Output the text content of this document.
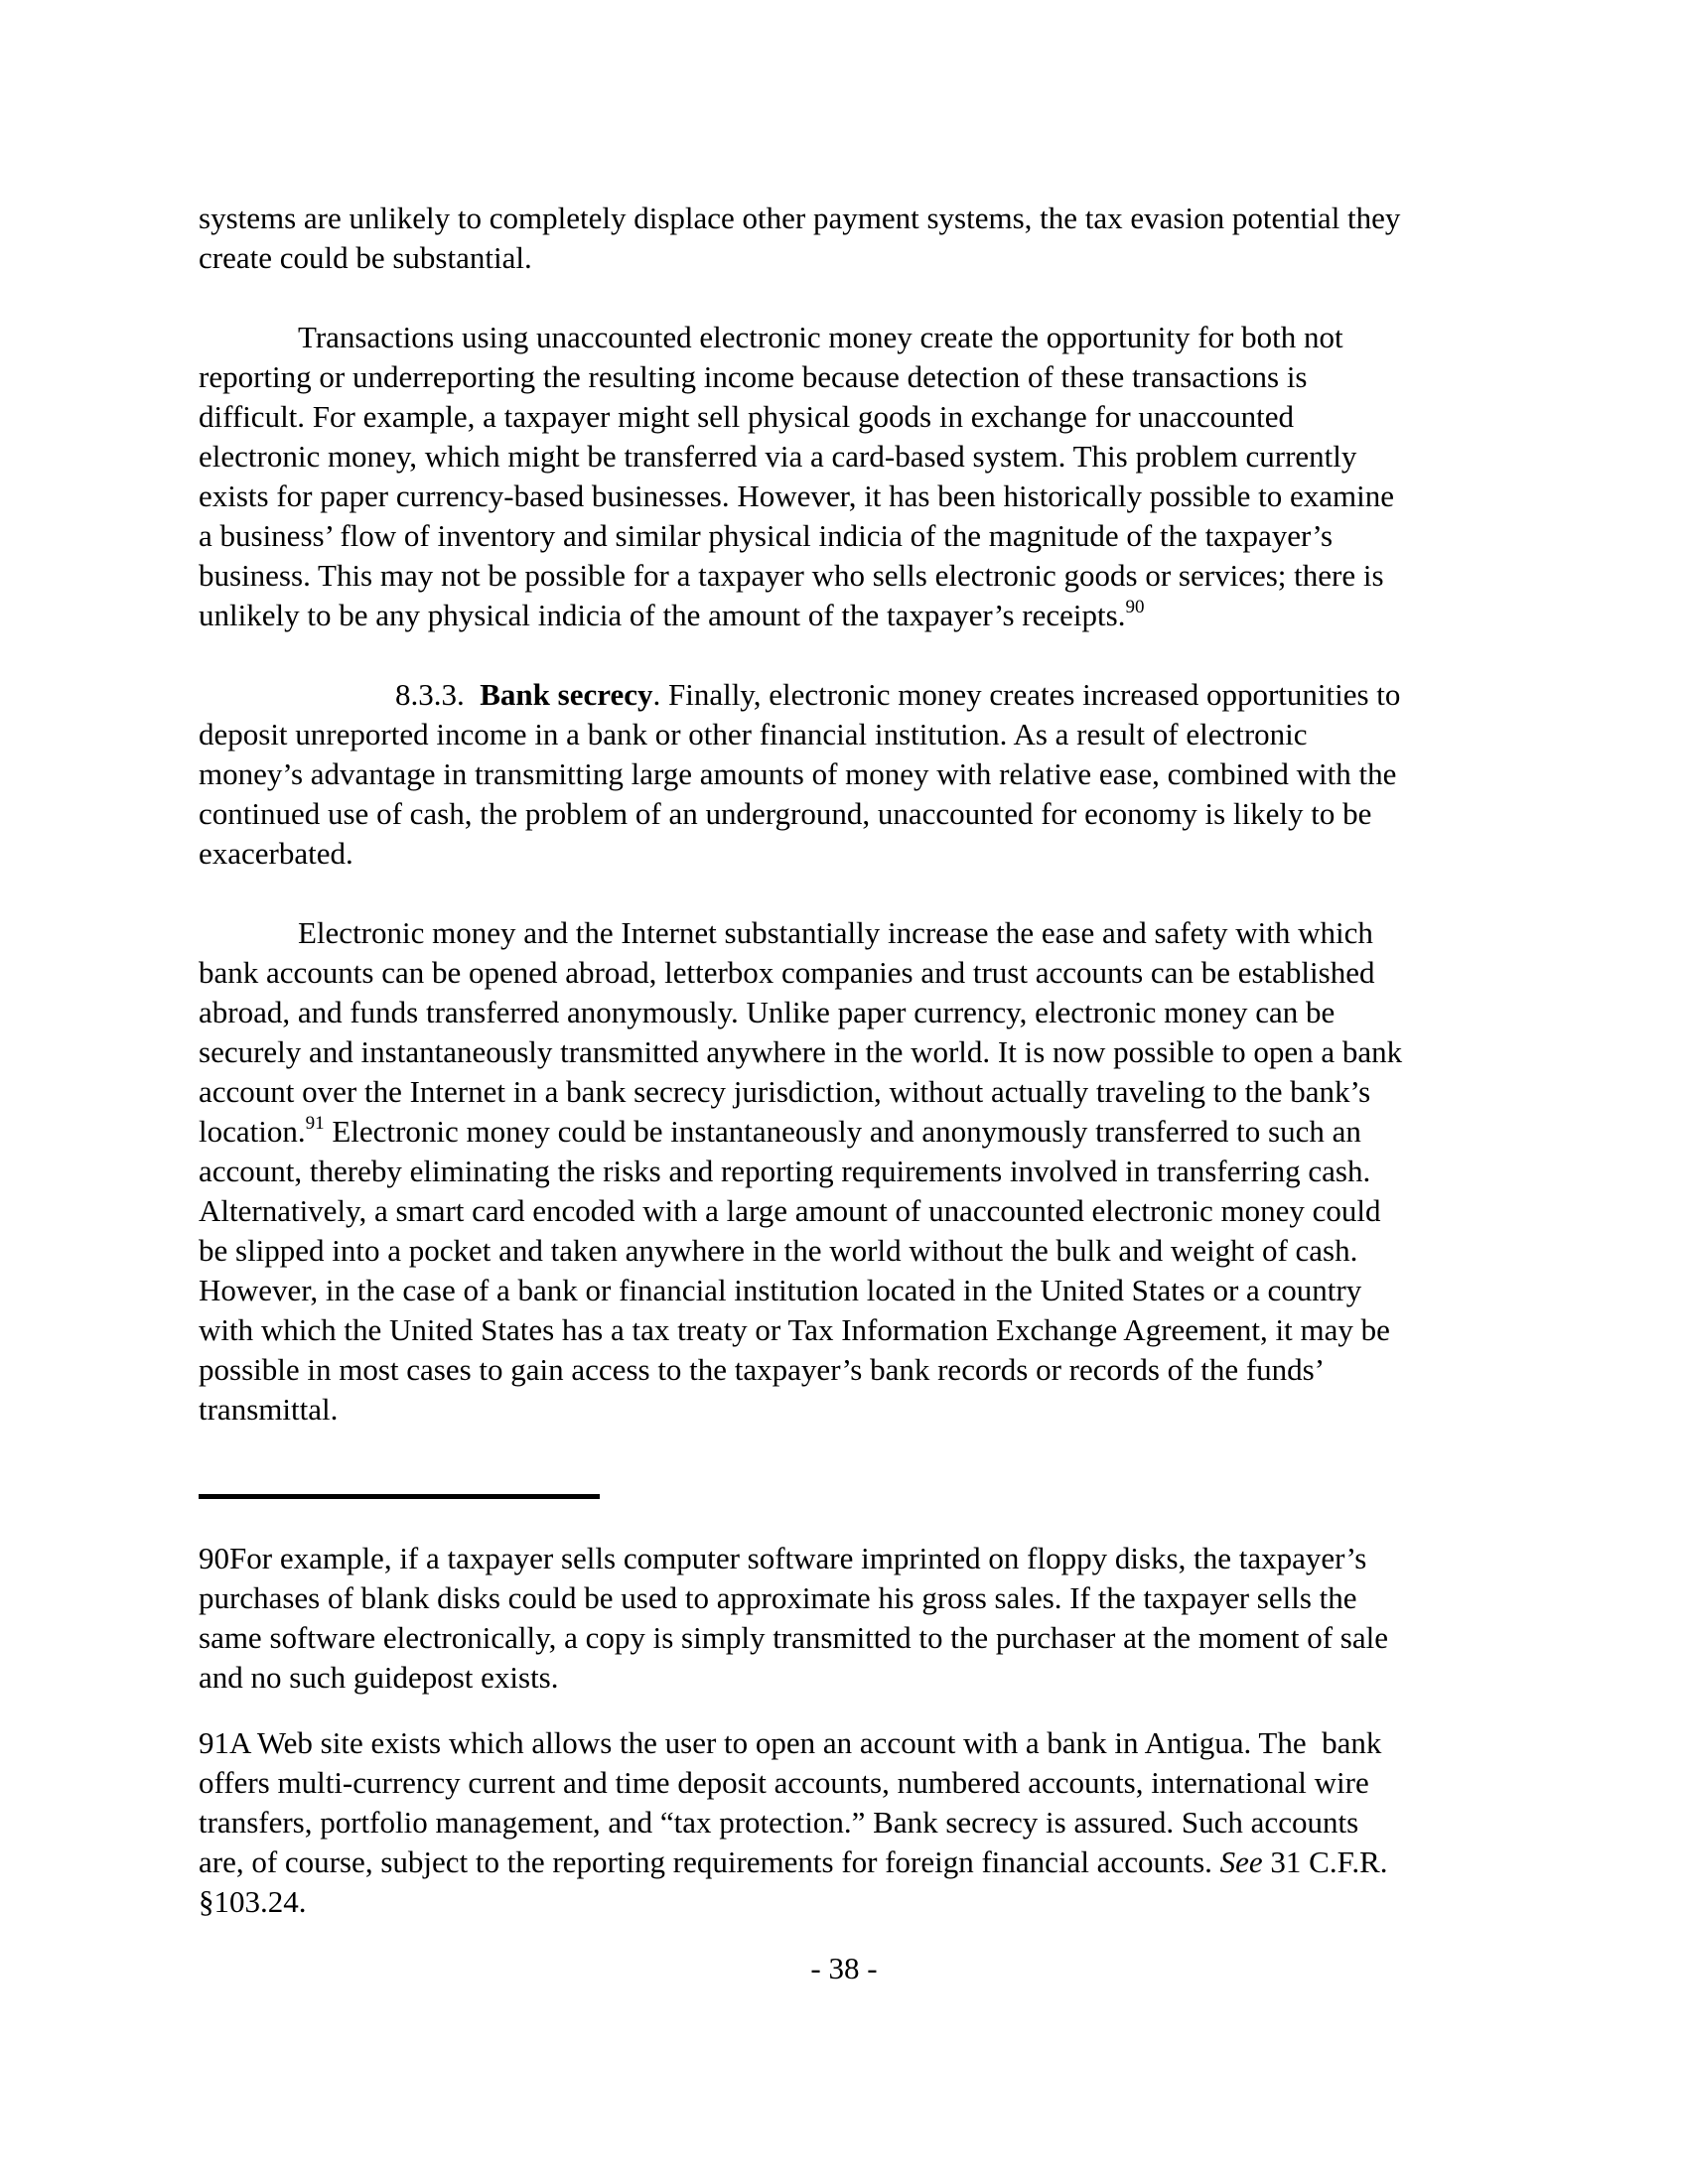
systems are unlikely to completely displace other payment systems, the tax evasion potential they
create could be substantial.
Transactions using unaccounted electronic money create the opportunity for both not
reporting or underreporting the resulting income because detection of these transactions is
difficult. For example, a taxpayer might sell physical goods in exchange for unaccounted
electronic money, which might be transferred via a card-based system. This problem currently
exists for paper currency-based businesses. However, it has been historically possible to examine
a business’ flow of inventory and similar physical indicia of the magnitude of the taxpayer’s
business. This may not be possible for a taxpayer who sells electronic goods or services; there is
unlikely to be any physical indicia of the amount of the taxpayer’s receipts.$^{90}$
8.3.3.  Bank secrecy. Finally, electronic money creates increased opportunities to
deposit unreported income in a bank or other financial institution. As a result of electronic
money’s advantage in transmitting large amounts of money with relative ease, combined with the
continued use of cash, the problem of an underground, unaccounted for economy is likely to be
exacerbated.
Electronic money and the Internet substantially increase the ease and safety with which
bank accounts can be opened abroad, letterbox companies and trust accounts can be established
abroad, and funds transferred anonymously. Unlike paper currency, electronic money can be
securely and instantaneously transmitted anywhere in the world. It is now possible to open a bank
account over the Internet in a bank secrecy jurisdiction, without actually traveling to the bank’s
location.$^{91}$ Electronic money could be instantaneously and anonymously transferred to such an
account, thereby eliminating the risks and reporting requirements involved in transferring cash.
Alternatively, a smart card encoded with a large amount of unaccounted electronic money could
be slipped into a pocket and taken anywhere in the world without the bulk and weight of cash.
However, in the case of a bank or financial institution located in the United States or a country
with which the United States has a tax treaty or Tax Information Exchange Agreement, it may be
possible in most cases to gain access to the taxpayer’s bank records or records of the funds’
transmittal.
90For example, if a taxpayer sells computer software imprinted on floppy disks, the taxpayer’s
purchases of blank disks could be used to approximate his gross sales. If the taxpayer sells the
same software electronically, a copy is simply transmitted to the purchaser at the moment of sale
and no such guidepost exists.
91A Web site exists which allows the user to open an account with a bank in Antigua. The  bank
offers multi-currency current and time deposit accounts, numbered accounts, international wire
transfers, portfolio management, and “tax protection.” Bank secrecy is assured. Such accounts
are, of course, subject to the reporting requirements for foreign financial accounts. See 31 C.F.R.
§103.24.
- 38 -
